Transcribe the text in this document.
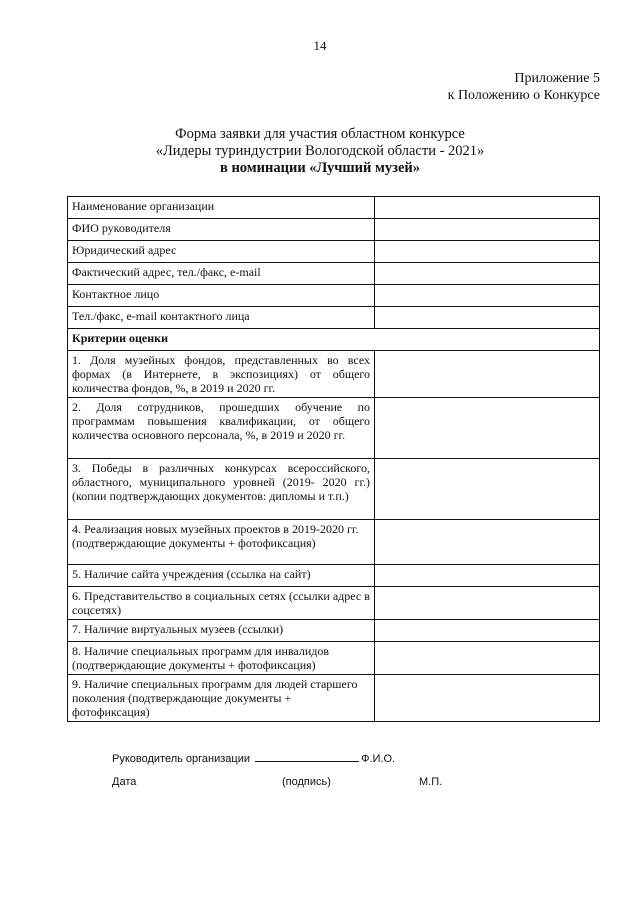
14
Приложение 5
к Положению о Конкурсе
Форма заявки для участия областном конкурсе
«Лидеры туриндустрии Вологодской области - 2021»
в номинации «Лучший музей»
Наименование организации	
ФИО руководителя	
Юридический адрес	
Фактический адрес, тел./факс, e-mail	
Контактное лицо	
Тел./факс, e-mail контактного лица	
Критерии оценки	
1. Доля музейных фондов, представленных во всех формах (в Интернете, в экспозициях) от общего количества фондов, %, в 2019 и 2020 гг.	
2. Доля сотрудников, прошедших обучение по программам повышения квалификации, от общего количества основного персонала, %, в 2019 и 2020 гг.	
3. Победы в различных конкурсах всероссийского, областного, муниципального уровней (2019- 2020 гг.) (копии подтверждающих документов: дипломы и т.п.)	
4. Реализация новых музейных проектов в 2019-2020 гг. (подтверждающие документы + фотофиксация)	
5. Наличие сайта учреждения (ссылка на сайт)	
6. Представительство в социальных сетях (ссылки адрес в соцсетях)	
7. Наличие виртуальных музеев (ссылки)	
8. Наличие специальных программ для инвалидов (подтверждающие документы + фотофиксация)	
9. Наличие специальных программ для людей старшего поколения (подтверждающие документы + фотофиксация)	
Руководитель организации	Ф.И.О.
Дата	(подпись)	М.П.
